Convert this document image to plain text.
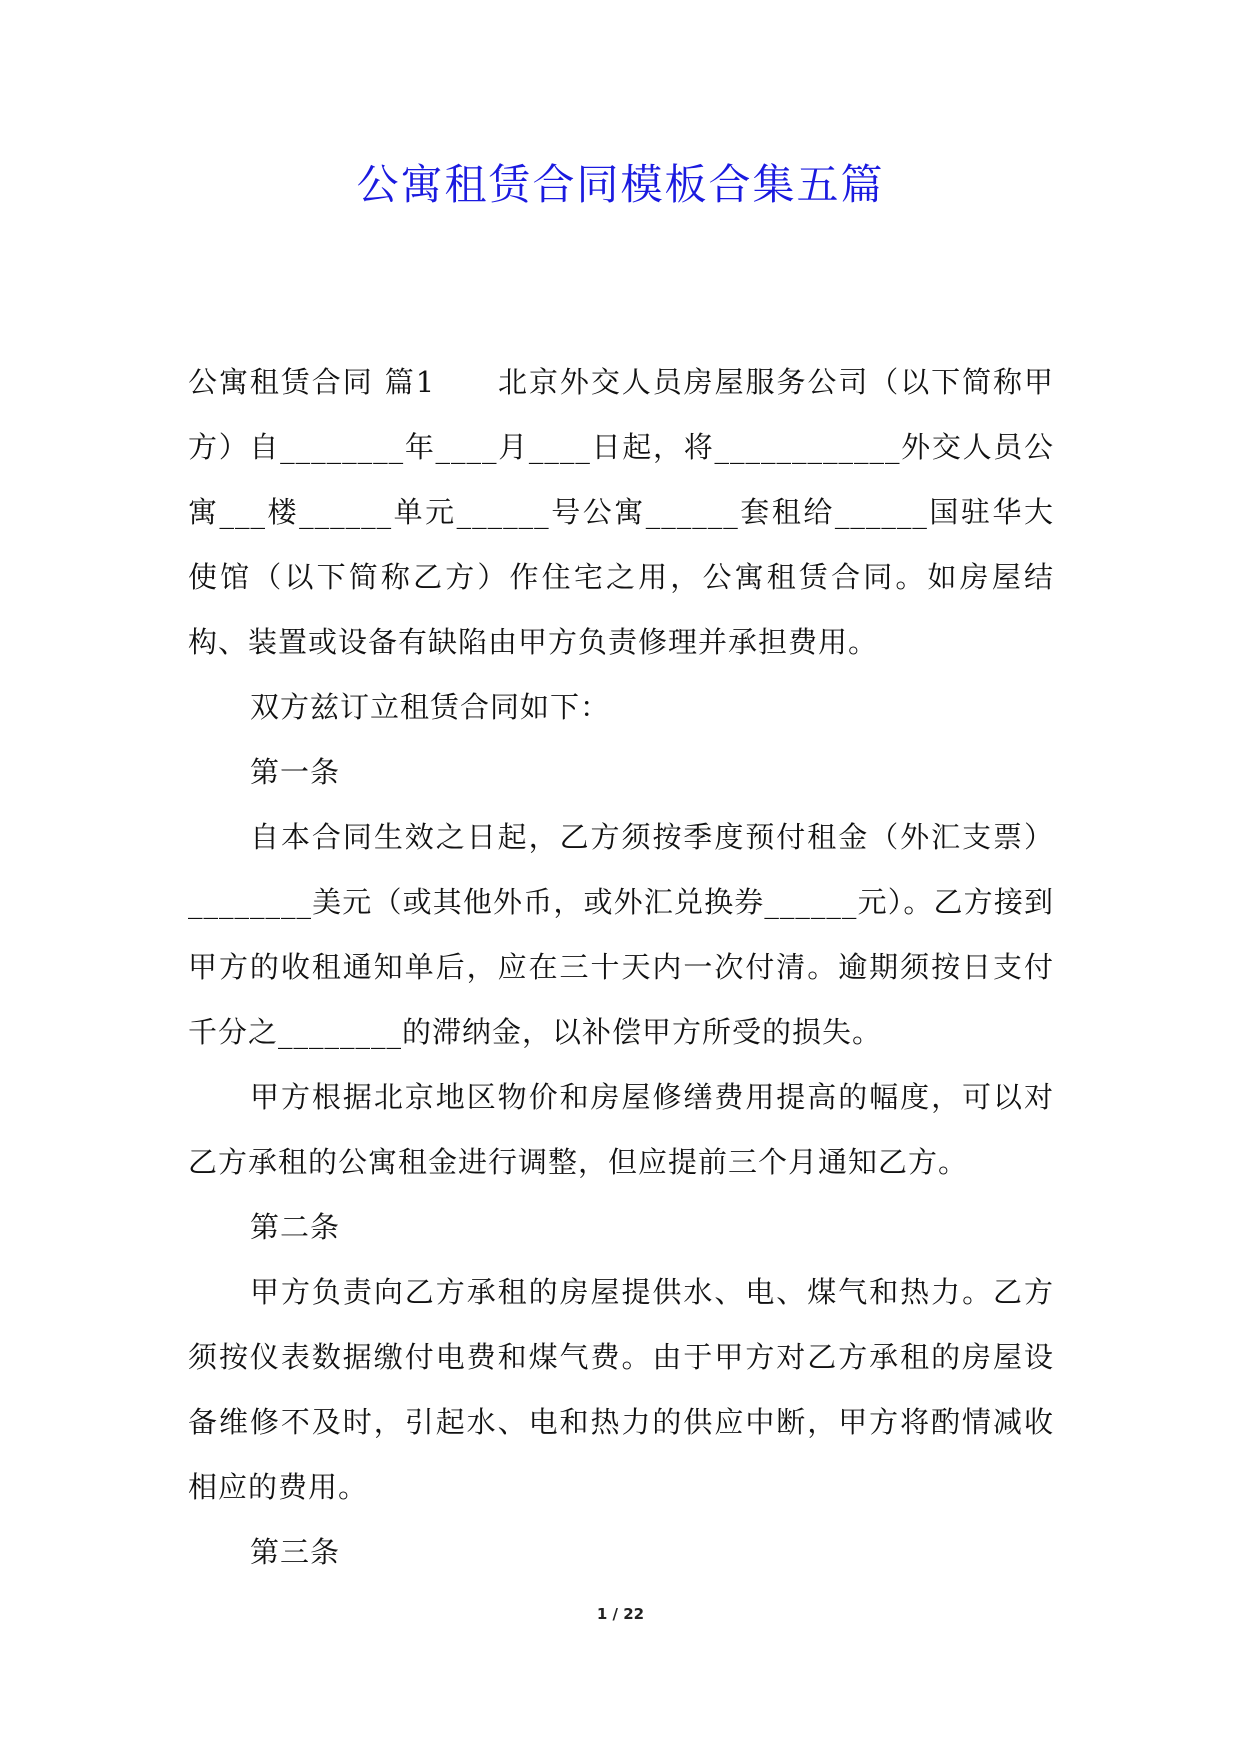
公寓租赁合同模板合集五篇

公寓租赁合同 篇1　　北京外交人员房屋服务公司（以下简称甲方）自________年____月____日起，将____________外交人员公寓___楼______单元______号公寓______套租给______国驻华大使馆（以下简称乙方）作住宅之用，公寓租赁合同。如房屋结构、装置或设备有缺陷由甲方负责修理并承担费用。

双方兹订立租赁合同如下：

第一条

自本合同生效之日起，乙方须按季度预付租金（外汇支票）________美元（或其他外币，或外汇兑换券______元）。乙方接到甲方的收租通知单后，应在三十天内一次付清。逾期须按日支付千分之________的滞纳金，以补偿甲方所受的损失。

甲方根据北京地区物价和房屋修缮费用提高的幅度，可以对乙方承租的公寓租金进行调整，但应提前三个月通知乙方。

第二条

甲方负责向乙方承租的房屋提供水、电、煤气和热力。乙方须按仪表数据缴付电费和煤气费。由于甲方对乙方承租的房屋设备维修不及时，引起水、电和热力的供应中断，甲方将酌情减收相应的费用。

第三条

1 / 22
